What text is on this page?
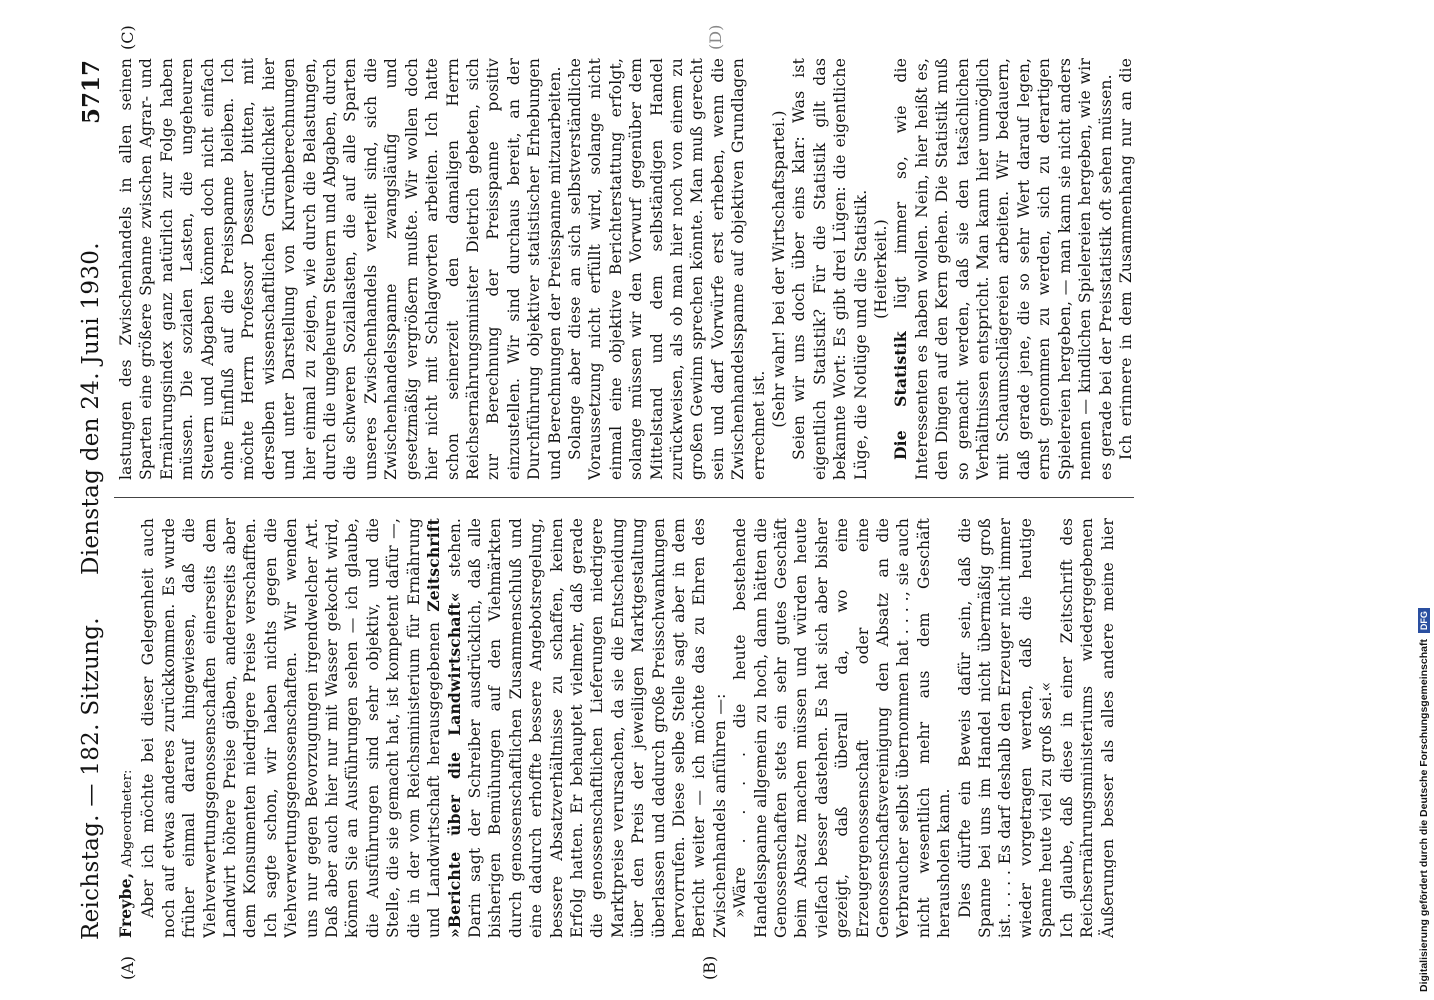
Reichstag. — 182. Sitzung.
Dienstag den 24. Juni 1930.
5717
(A)	(B)
(C)	(D)

Freybe, Abgeordneter: Aber ich möchte bei dieser Gelegenheit auch noch auf etwas anderes zurückkommen. Es wurde früher einmal darauf hingewiesen, daß die Viehverwertungsgenossenschaften einerseits dem Landwirt höhere Preise gäben, andererseits aber dem Konsumenten niedrigere Preise verschafften. Ich sagte schon, wir haben nichts gegen die Viehverwertungsgenossenschaften. Wir wenden uns nur gegen Bevorzugungen irgendwelcher Art. Daß aber auch hier nur mit Wasser gekocht wird, können Sie an Ausführungen sehen — ich glaube, die Ausführungen sind sehr objektiv, und die Stelle, die sie gemacht hat, ist kompetent dafür —, die in der vom Reichsministerium für Ernährung und Landwirtschaft herausgegebenen Zeitschrift »Berichte über die Landwirtschaft« stehen. Darin sagt der Schreiber ausdrücklich, daß alle bisherigen Bemühungen auf den Viehmärkten durch genossenschaftlichen Zusammenschluß und eine dadurch erhoffte bessere Angebotsregelung, bessere Absatzverhältnisse zu schaffen, keinen Erfolg hatten. Er behauptet vielmehr, daß gerade die genossenschaftlichen Lieferungen niedrigere Marktpreise verursachen, da sie die Entscheidung über den Preis der jeweiligen Marktgestaltung überlassen und dadurch große Preisschwankungen hervorrufen. Diese selbe Stelle sagt aber in dem Bericht weiter — ich möchte das zu Ehren des Zwischenhandels anführen —: »Wäre . . . . die heute bestehende Handelsspanne allgemein zu hoch, dann hätten die Genossenschaften stets ein sehr gutes Geschäft beim Absatz machen müssen und würden heute vielfach besser dastehen. Es hat sich aber bisher gezeigt, daß überall da, wo eine Erzeugergenossenschaft oder eine Genossenschaftsvereinigung den Absatz an die Verbraucher selbst übernommen hat . . . ., sie auch nicht wesentlich mehr aus dem Geschäft herausholen kann. Dies dürfte ein Beweis dafür sein, daß die Spanne bei uns im Handel nicht übermäßig groß ist. . . . . Es darf deshalb den Erzeuger nicht immer wieder vorgetragen werden, daß die heutige Spanne heute viel zu groß sei.« Ich glaube, daß diese in einer Zeitschrift des Reichsernährungsministeriums wiedergegebenen Äußerungen besser als alles andere meine hier

lastungen des Zwischenhandels in allen seinen Sparten eine größere Spanne zwischen Agrar- und Ernährungsindex ganz natürlich zur Folge haben müssen. Die sozialen Lasten, die ungeheuren Steuern und Abgaben können doch nicht einfach ohne Einfluß auf die Preisspanne bleiben. Ich möchte Herrn Professor Dessauer bitten, mit derselben wissenschaftlichen Gründlichkeit hier und unter Darstellung von Kurvenberechnungen hier einmal zu zeigen, wie durch die Belastungen, durch die ungeheuren Steuern und Abgaben, durch die schweren Soziallasten, die auf alle Sparten unseres Zwischenhandels verteilt sind, sich die Zwischenhandelsspanne zwangsläufig und gesetzmäßig vergrößern mußte. Wir wollen doch hier nicht mit Schlagworten arbeiten. Ich hatte schon seinerzeit den damaligen Herrn Reichsernährungsminister Dietrich gebeten, sich zur Berechnung der Preisspanne positiv einzustellen. Wir sind durchaus bereit, an der Durchführung objektiver statistischer Erhebungen und Berechnungen der Preisspanne mitzuarbeiten. Solange aber diese an sich selbstverständliche Voraussetzung nicht erfüllt wird, solange nicht einmal eine objektive Berichterstattung erfolgt, solange müssen wir den Vorwurf gegenüber dem Mittelstand und dem selbständigen Handel zurückweisen, als ob man hier noch von einem zu großen Gewinn sprechen könnte. Man muß gerecht sein und darf Vorwürfe erst erheben, wenn die Zwischenhandelsspanne auf objektiven Grundlagen errechnet ist. (Sehr wahr! bei der Wirtschaftspartei.) Seien wir uns doch über eins klar: Was ist eigentlich Statistik? Für die Statistik gilt das bekannte Wort: Es gibt drei Lügen: die eigentliche Lüge, die Notlüge und die Statistik. (Heiterkeit.)

Die Statistik lügt immer so, wie die Interessenten es haben wollen. Nein, hier heißt es, den Dingen auf den Kern gehen. Die Statistik muß so gemacht werden, daß sie den tatsächlichen Verhältnissen entspricht. Man kann hier unmöglich mit Schaumschlägereien arbeiten. Wir bedauern, daß gerade jene, die so sehr Wert darauf legen, ernst genommen zu werden, sich zu derartigen Spielereien hergeben, — man kann sie nicht anders nennen — kindlichen Spielereien hergeben, wie wir es gerade bei der Preisstatistik oft sehen müssen. Ich erinnere in dem Zusammenhang nur an die

Digitalisierung gefördert durch die Deutsche Forschungsgemeinschaft DFG
